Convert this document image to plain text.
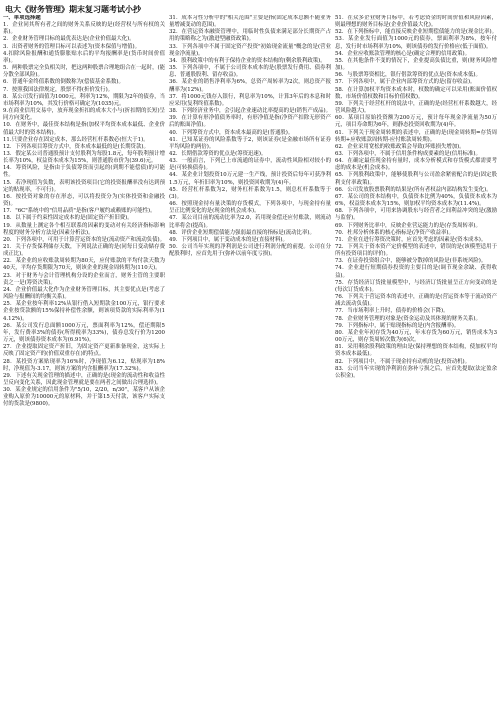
电大《财务管理》期末复习题考试小抄

一、单项选择题

1．企业同其所有者之间的财务关系反映的是(经营权与所有权的关系)。

2．企业财务管理目标的最优表达是(企业价值最大化)。

3．出资者财务的管理目标可以表述为(资本保值与增值)。

4.扣除风险报酬和通货膨胀贴水后的平均报酬率是(货币时间价值率)。

5．两种股票完全负相关时，把这两种股票合理地组合在一起时，(能分散全部风险)。

6．普通年金终值系数的倒数称为(偿债基金系数)。

7．按照我国法律规定，股票不得(折价发行)。

8．某公司发行面值为1000元，利率为12%，期限为2年的债券，当市场利率为10%，其发行价格可确定为(1035)元。

9.在商业信用交易中，放弃现金折扣的成本大小与(折扣期的长短)呈同方向变化。

10．在财务中，最佳资本结构是指(加权平均资本成本最低、企业价值最大时的资本结构)。

11.只要企业存在固定成本，那么经营杠杆系数必(恒大于1)。

12．下列各项目筹资方式中，资本成本最低的是(长期贷款)。

13．假定某公司普通股预计支付股利为每股1.8元，每年股利预计增长率为10%，权益资本成本为15%，则普通股市价为(39.6)元。

14．筹资风险，是指由于负债筹资而引起的(到期不能偿债)的可能性。

15．若净现值为负数，表明该投资项目(它的投资报酬率没有达到预定的贴现率，不可行)。

16．按投资对象的存在形态，可以将投资分为(实体投资和金融投资)。

17．"6C"系统中的"信用品质"是指(客户履约或赖账的可能性)。

18．以下属于约束性固定成本的是(固定资产折旧费)。

19．从数量上测定各个相互联系的因素的变动对有关经济指标影响程度的财务分析方法是(因素分析法)。

20．下列各项中，可用于计算营运资本的是(流动资产和流动负债)。

21．关于存货保利储存天数，下列说法正确的是(同每日变动储存费成正比)。

22．某企业的应收账款周转期为80天，应付账款的平均付款天数为40天，平均存货期限为70天，则该企业的现金周转期为(110天)。

23．对于财务与会计管理机构分设的企业而言，财务主管的主要职责之一是(筹资决策)。

24．企业价值最大化作为企业财务管理目标，其主要优点是(考虑了风险与报酬间的均衡关系)。

25．某企业按年利率12%从银行借入短期款金100万元，银行要求企业按贷款额的15%保持补偿性余额，则该项贷款的实际利率为(14.12%)。

26．某公司发行总面额1000万元，票面利率为12%，偿还期限5年，发行费率3%的债券(所得税率为33%)，债券总发行价为1200万元，则该债券资本成本为(6.91%)。

27．企业提取固定资产折旧，为固定资产更新准备现金，这实际上反映了固定资产的(价值双重存在)的特点。

28．某投资方案贴现率为16%时，净现值为6.12，贴现率为18%时，净现值为-3.17，则该方案的内含报酬率为(17.32%)。

29．下述有关现金管理的描述中，正确的是(现金的流动性和收益性呈反向变化关系，因此现金管理就是要在两者之间做出合理选择)。

30．某企业规定的信用条件为"5/10，2/20，n/30"，某客户从该企业购入原价为10000元的原材料，并于第15天付款，该客户实际支付的货款是(9800)。

31．成本习性分析中的"相关范围"主要是指(固定成本总额不随业务量增减变动的范围)。

32．在营运资本融资管理中，用临时性负债来满足部分长期资产占用的策略称之为(激进型融资政策)。

33．下列各项中不属于固定资产投资"初始现金流量"概念的是(营业现金净流量)。

34．股利政策中的有利于保持企业的资本结构的(剩余股利政策)。

35．下列各项中，不属于公司资本成本的是(股票发行费用、债券利息、普通股股利、留存收益)。

36．某企业的销售净利率为6%，总资产周转率为2次，则总资产报酬率为(12%)。

37．将1000元钱存入银行，利息率为10%，计算3年后的本息和时应采用(复利终值系数)。

38．下列经济业务中，会引起企业速动比率提高的是(销售产成品)。

39．在计算有形净值债务率时，有形净值是指(净资产扣除无形资产后的账面净值)。

40．下列筹资方式中，资本成本最高的是(普通股)。

41．已知某证券的风险系数等于2，则该证券(是金融市场所有证券平均风险的两倍)。

42．长期借款筹资的优点是(筹资迅速)。

43．一般而言，下列已上市流通的证券中，流动性风险相对较小的是(可转换债券)。

44．某企业计划投资10万元建一生产线，预计投资后每年可获净利1.5万元，年折旧率为10%，则投资回收期为(4)年。

45．经营杠杆系数为2，财务杠杆系数为1.5，则总杠杆系数等于(3)。

46．按照现金持有量决策的存货模式，下列各项中，与现金持有量呈正比例变化的是(现金的机会成本)。

47．某公司目前的流动比率为2.0，若用现金偿还应付账款，则流动比率将会(提高)。

48．评价企业短期偿债能力强弱最直接的指标是(流动比率)。

49．下列项目中，属于变动成本的是(直接材料)。

50．公司当年实现的净利润是公司进行利润分配的前提。公司在分配股利时，应首先用于(弥补以前年度亏损)。

51．在众多企业财务目标中，若考虑资金的时间价值和风险因素，则最理想的财务目标是(企业价值最大化)。

52．在下列指标中，能直接反映企业短期偿债能力的是(现金比率)。

53．某企业发行面值为1000元的债券，票面利率为8%，按年付息，发行时市场利率为10%，则该债券的发行价格应(低于面值)。

54．企业应收账款管理的核心是(确定合理的信用政策)。

55．在其他条件不变的情况下，企业提高负债比重，则(财务风险增加)。

56．与股票筹资相比，银行借款筹资的优点是(资本成本低)。

57．下列各项中，属于企业内部筹资方式的是(留存收益)。

58．在计算加权平均资本成本时，权数的确定可以采用(账面价值权数、市场价值权数和目标价值权数)。

59．下列关于经营杠杆的说法中，正确的是(经营杠杆系数越大，经营风险越大)。

60．某项目原始投资额为200万元，预计每年现金净流量为50万元，项目寿命期为6年，则静态投资回收期为(4)年。

61．下列关于现金周转期的表述中，正确的是(现金周转期=存货周转期+应收账款周转期-应付账款周转期)。

62．企业采用宽松的收账政策会导致(坏账损失增加)。

63．下列各项中，不属于信用条件构成要素的是(信用标准)。

64．在确定最佳现金持有量时，成本分析模式和存货模式都需要考虑的成本是(机会成本)。

65．下列股利政策中，能够使股利与公司盈余紧密配合的是(固定股利支付率政策)。

66．公司发放股票股利的结果是(所有者权益内部结构发生变化)。

67．某公司的资本结构中，负债资本比例为40%，负债资本成本为6%，权益资本成本为15%，则加权平均资本成本为(11.4%)。

68．下列各项中，可用来协调股东与经营者之间利益冲突的是(激励与监督)。

69．下列财务比率中，反映企业营运能力的是(存货周转率)。

70．杜邦分析体系的核心指标是(净资产收益率)。

71．企业在进行筹资决策时，应首先考虑的因素是(资本成本)。

72．下列关于资本资产定价模型的表述中，错误的是(该模型适用于所有投资项目的评价)。

73．在证券投资组合中，能够被分散掉的风险是(非系统风险)。

74．企业进行短期债券投资的主要目的是(调节现金余缺、获得收益)。

75．存货经济订货批量模型中，与经济订货批量呈正方向变动的是(每次订货成本)。

76．下列关于营运资本的表述中，正确的是(营运资本等于流动资产减去流动负债)。

77．当市场利率上升时，债券的价格会(下降)。

78．企业财务管理的对象是(资金运动及其体现的财务关系)。

79．下列指标中，属于贴现指标的是(内含报酬率)。

80．某企业年初存货为40万元，年末存货为60万元，销售成本为300万元，则存货周转次数为(6)次。

81．采用剩余股利政策的理由是(保持理想的资本结构，使加权平均资本成本最低)。

82．下列项目中，不属于现金持有动机的是(投资动机)。

83．公司当年实现的净利润在弥补亏损之后，应首先提取(法定盈余公积金)。
